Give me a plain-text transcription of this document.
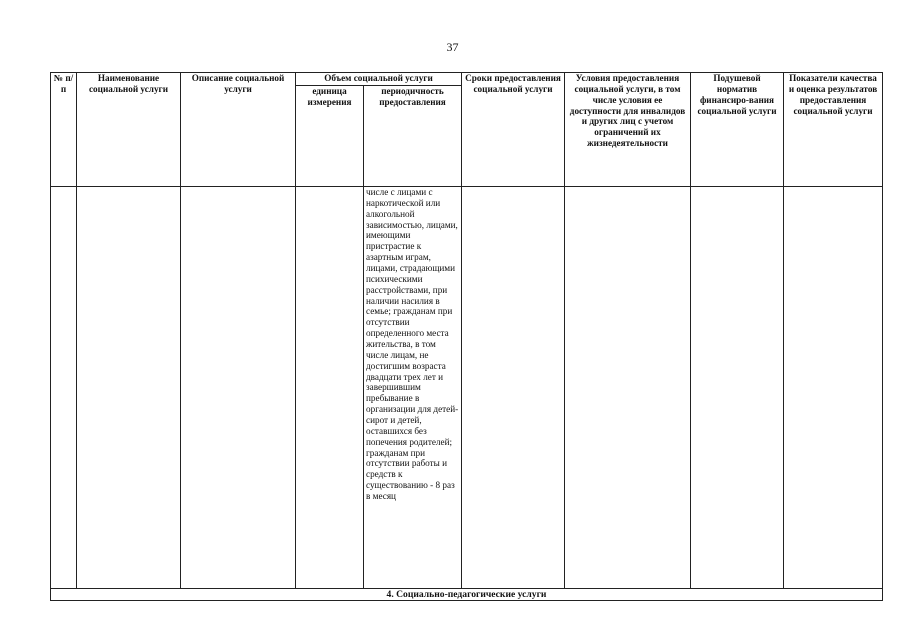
37
№ п/п	Наименование социальной услуги	Описание социальной услуги	Объем социальной услуги		Сроки предоставления социальной услуги	Условия предоставления социальной услуги, в том числе условия ее доступности для инвалидов и других лиц с учетом ограничений их жизнедеятельности	Подушевой норматив финансиро-вания социальной услуги	Показатели качества и оценка результатов предоставления социальной услуги
			единица измерения	периодичность предоставления				
				числе с лицами с наркотической или алкогольной зависимостью, лицами, имеющими пристрастие к азартным играм, лицами, страдающими психическими расстройствами, при наличии насилия в семье; гражданам при отсутствии определенного места жительства, в том числе лицам, не достигшим возраста двадцати трех лет и завершившим пребывание в организации для детей-сирот и детей, оставшихся без попечения родителей; гражданам при отсутствии работы и средств к существованию - 8 раз в месяц				
4. Социально-педагогические услуги								
